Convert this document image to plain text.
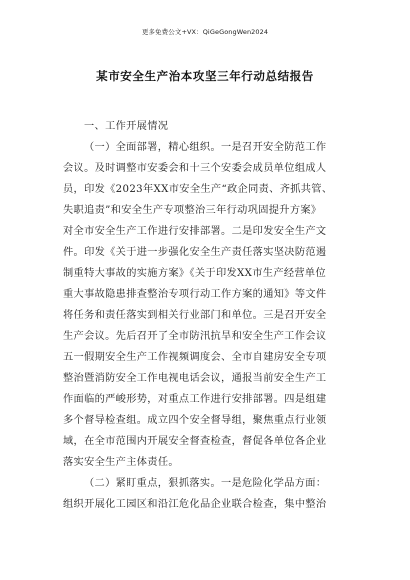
更多免费公文+VX：QiGeGongWen2024
某市安全生产治本攻坚三年行动总结报告
一、工作开展情况
（一）全面部署，精心组织。一是召开安全防范工作
会议。及时调整市安委会和十三个安委会成员单位组成人
员，印发《2023年XX市安全生产“政企同责、齐抓共管、
失职追责”和安全生产专项整治三年行动巩固提升方案》
对全市安全生产工作进行安排部署。二是印发安全生产文
件。印发《关于进一步强化安全生产责任落实坚决防范遏
制重特大事故的实施方案》《关于印发XX市生产经营单位
重大事故隐患排查整治专项行动工作方案的通知》等文件
将任务和责任落实到相关行业部门和单位。三是召开安全
生产会议。先后召开了全市防汛抗旱和安全生产工作会议
五一假期安全生产工作视频调度会、全市自建房安全专项
整治暨消防安全工作电视电话会议，通报当前安全生产工
作面临的严峻形势，对重点工作进行安排部署。四是组建
多个督导检查组。成立四个安全督导组，聚焦重点行业领
域，在全市范围内开展安全督查检查，督促各单位各企业
落实安全生产主体责任。
（二）紧盯重点，狠抓落实。一是危险化学品方面：
组织开展化工园区和沿江危化品企业联合检查，集中整治
